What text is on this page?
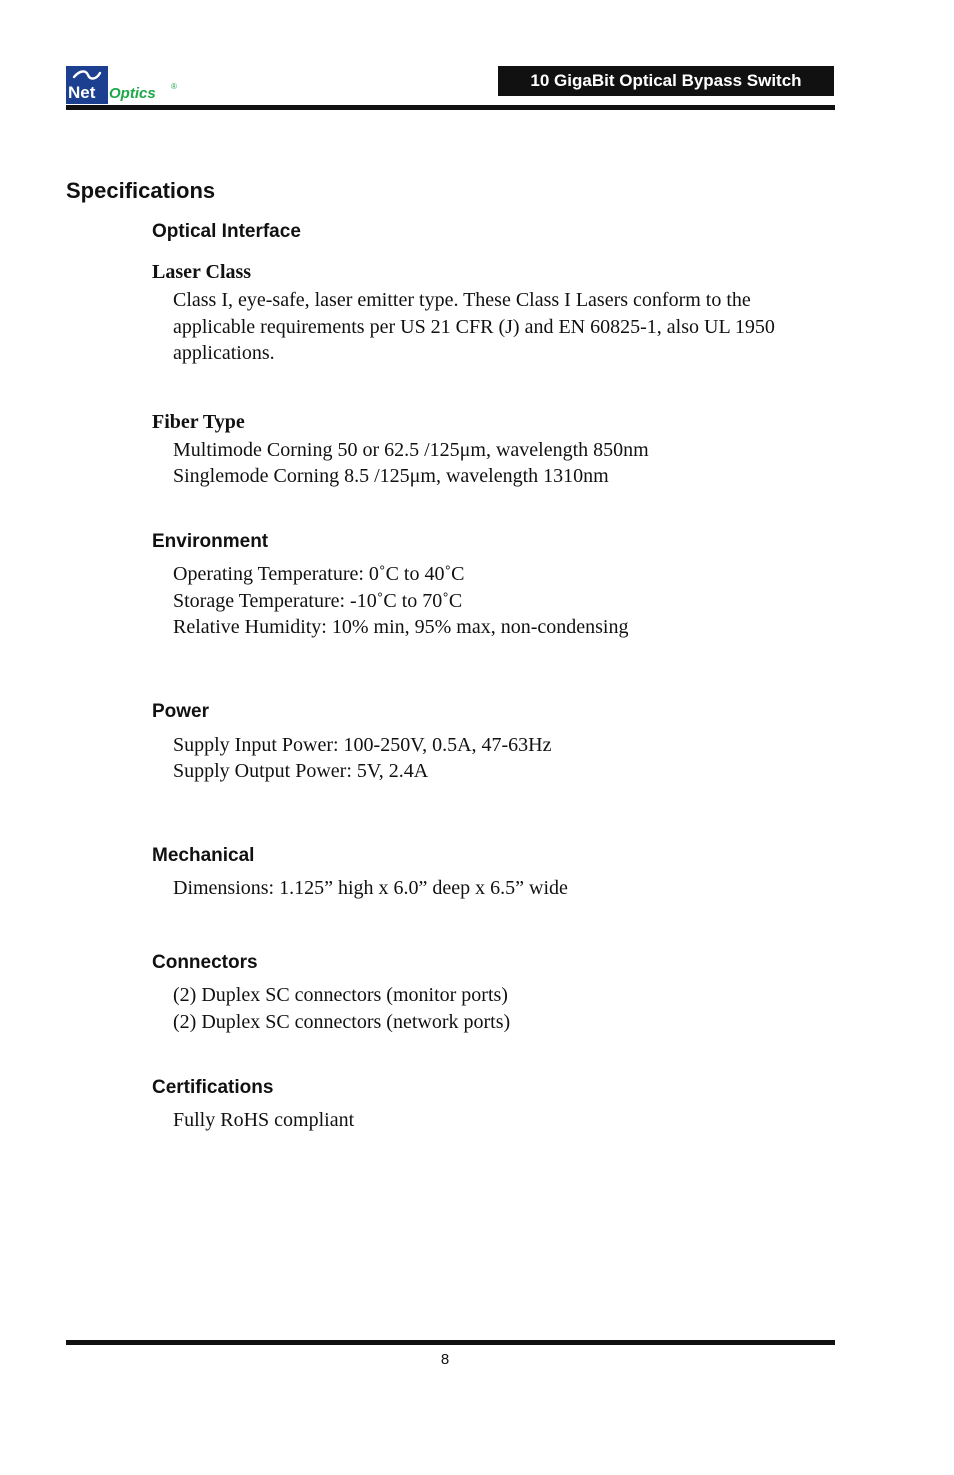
Net Optics ®	10 GigaBit Optical Bypass Switch
Specifications
Optical Interface
Laser Class
Class I, eye-safe, laser emitter type. These Class I Lasers conform to the applicable requirements per US 21 CFR (J) and EN 60825-1, also UL 1950 applications.
Fiber Type
Multimode Corning 50 or 62.5 /125μm, wavelength 850nm
Singlemode Corning 8.5 /125μm, wavelength 1310nm
Environment
Operating Temperature: 0˚C to 40˚C
Storage Temperature: -10˚C to 70˚C
Relative Humidity: 10% min, 95% max, non-condensing
Power
Supply Input Power: 100-250V, 0.5A, 47-63Hz
Supply Output Power: 5V, 2.4A
Mechanical
Dimensions: 1.125” high x 6.0” deep x 6.5” wide
Connectors
(2) Duplex SC connectors (monitor ports)
(2) Duplex SC connectors (network ports)
Certifications
Fully RoHS compliant
8
